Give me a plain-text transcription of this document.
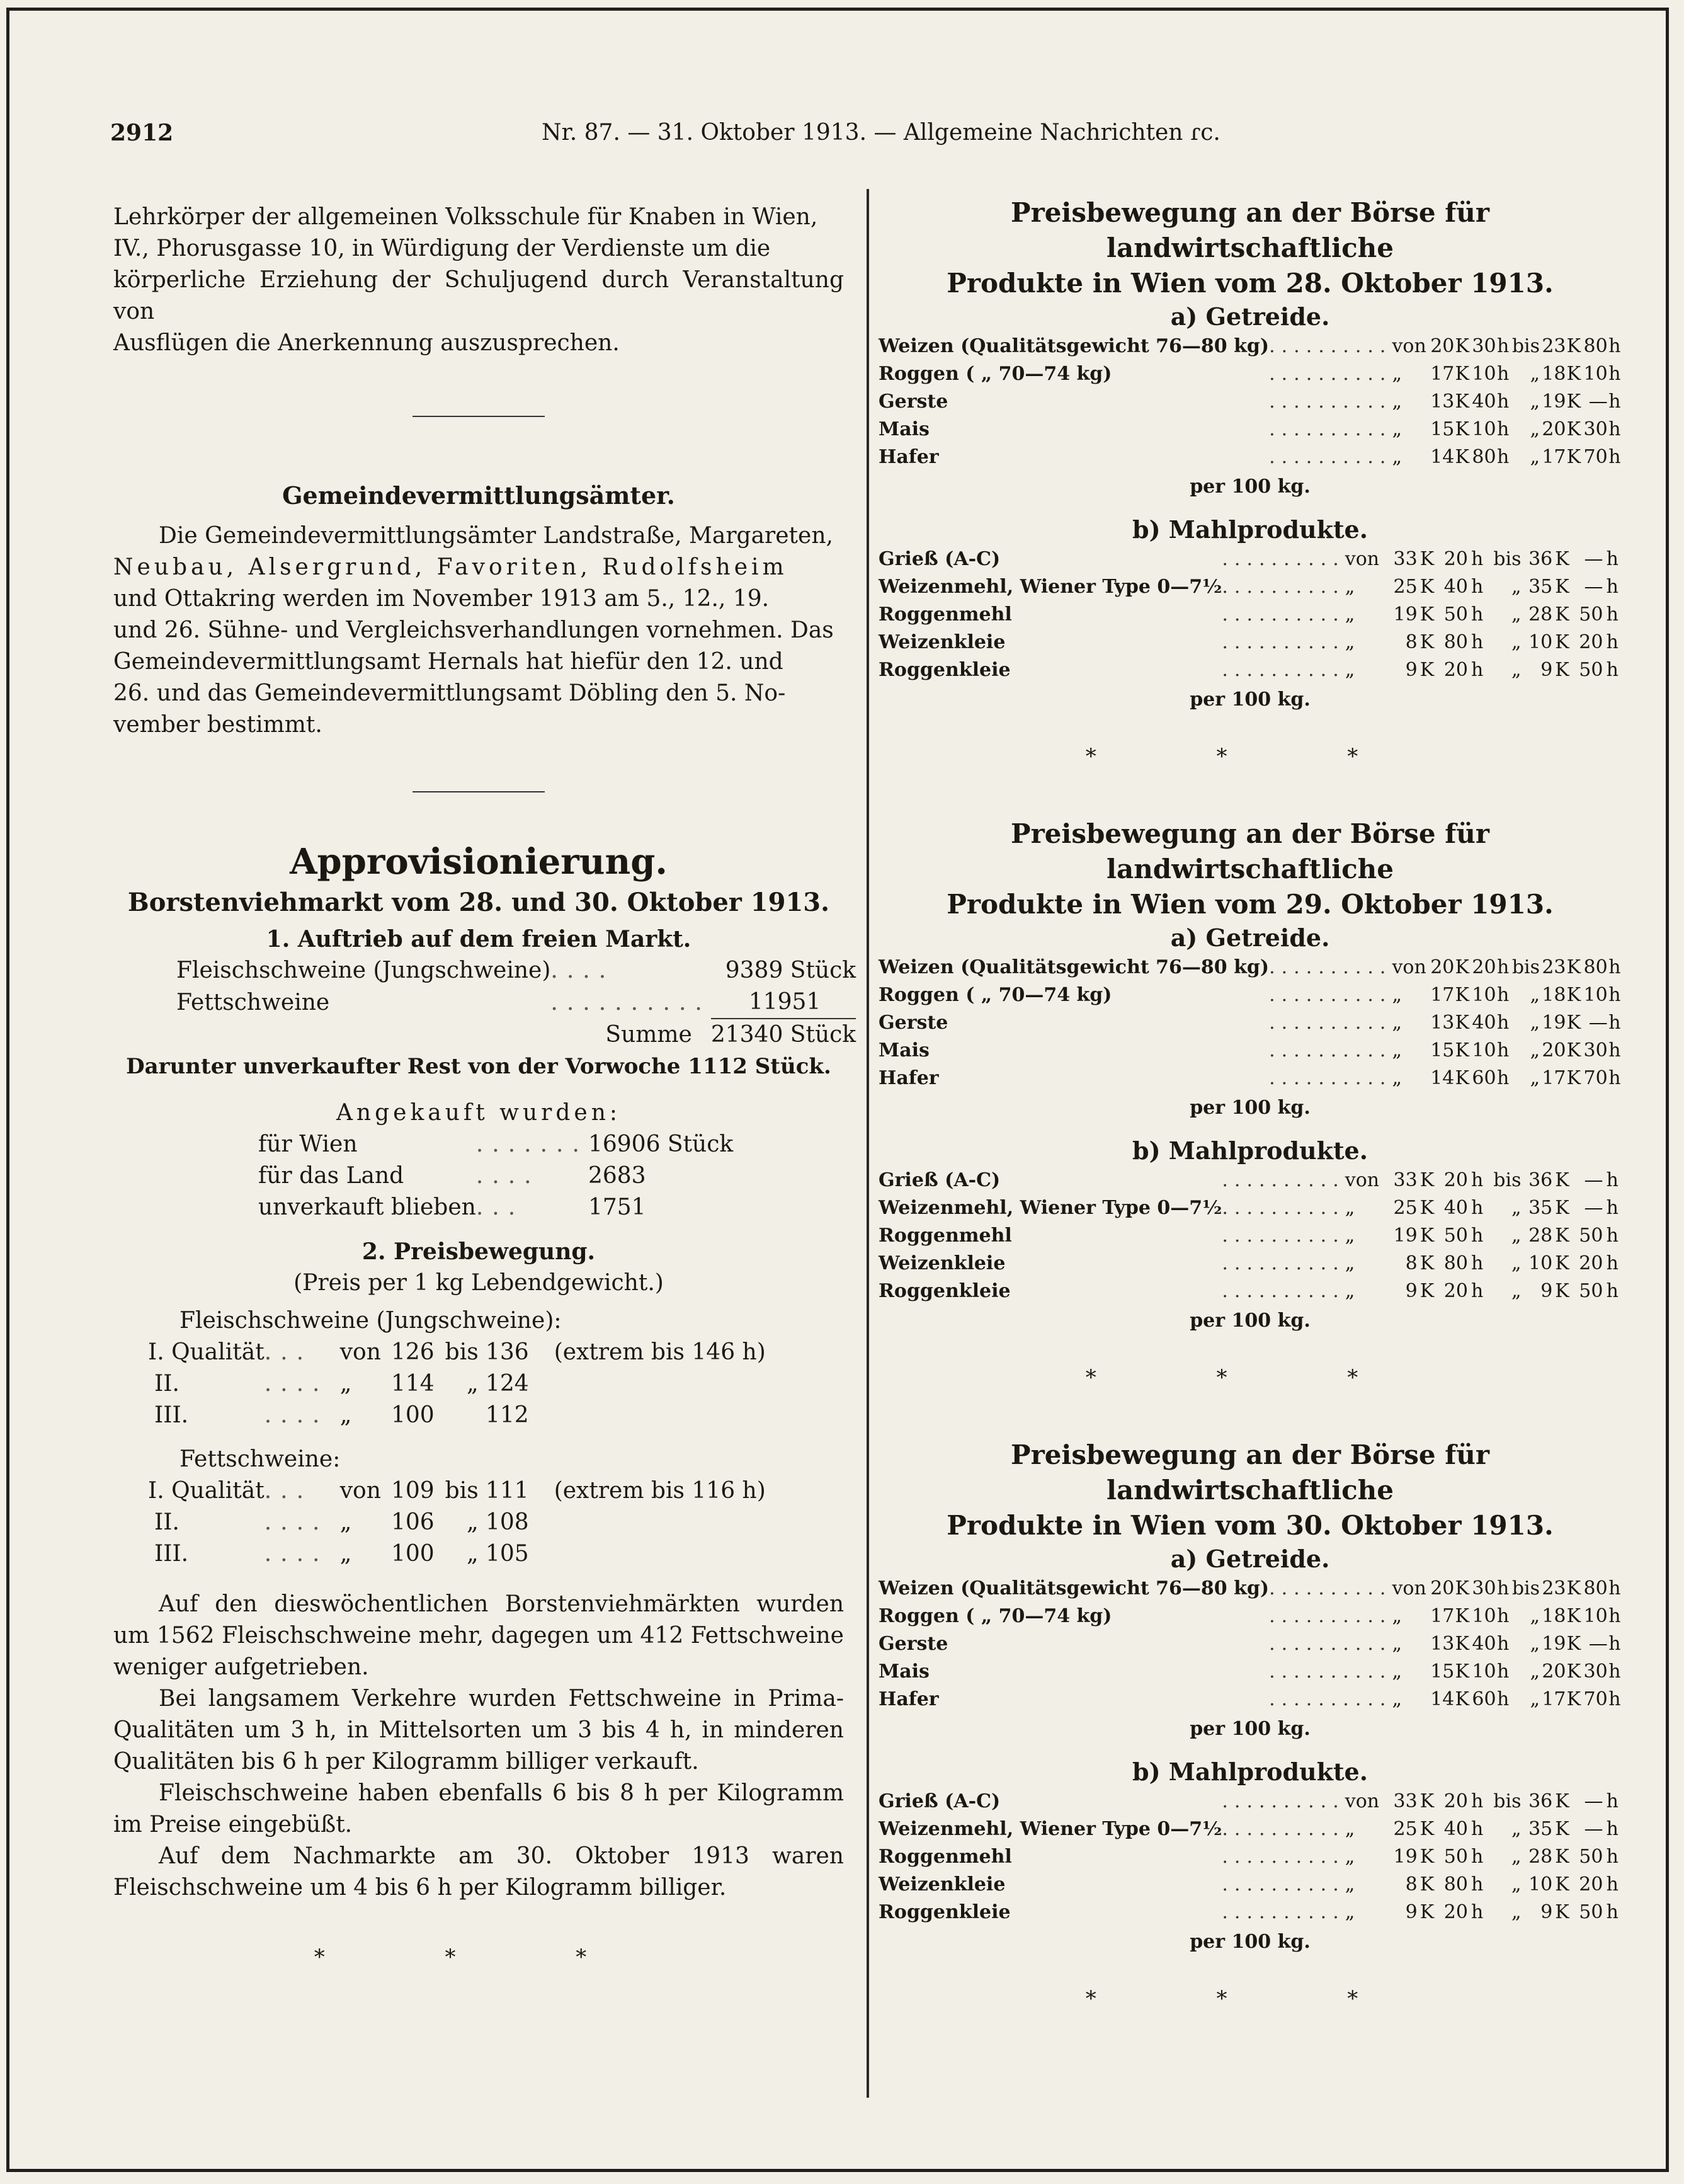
2912	Nr. 87. — 31. Oktober 1913. — Allgemeine Nachrichten ɾc.

Lehrkörper der allgemeinen Volksschule für Knaben in Wien,

IV., Phorusgasse 10, in Würdigung der Verdienste um die

körperliche Erziehung der Schuljugend durch Veranstaltung von

Ausflügen die Anerkennung auszusprechen.

Gemeindevermittlungsämter.

Die Gemeindevermittlungsämter Landstraße, Margareten,

Neubau, Alsergrund, Favoriten, Rudolfsheim

und Ottakring werden im November 1913 am 5., 12., 19.

und 26. Sühne- und Vergleichsverhandlungen vornehmen. Das

Gemeindevermittlungsamt Hernals hat hiefür den 12. und

26. und das Gemeindevermittlungsamt Döbling den 5. No-

vember bestimmt.

Approvisionierung.
Borstenviehmarkt vom 28. und 30. Oktober 1913.
1. Auftrieb auf dem freien Markt.
Fleischschweine (Jungschweine)	....	9389 Stück
Fettschweine	..........	11951
	Summe	21340 Stück
Darunter unverkaufter Rest von der Vorwoche 1112 Stück.
Angekauft wurden:
für Wien	.......	16906 Stück
für das Land	....	2683
unverkauft blieben	...	1751
2. Preisbewegung.
(Preis per 1 kg Lebendgewicht.)
Fleischschweine (Jungschweine):
I. Qualität	...	von	126	bis	136	(extrem bis 146 h)
II.	....	„	114	„	124	
III.	....	„	100		112	
Fettschweine:
I. Qualität	...	von	109	bis	111	(extrem bis 116 h)
II.	....	„	106	„	108	
III.	....	„	100	„	105	

Auf den dieswöchentlichen Borstenviehmärkten wurden um 1562 Fleischschweine mehr, dagegen um 412 Fettschweine weniger aufgetrieben.

Bei langsamem Verkehre wurden Fettschweine in Prima-Qualitäten um 3 h, in Mittelsorten um 3 bis 4 h, in minderen Qualitäten bis 6 h per Kilogramm billiger verkauft.

Fleischschweine haben ebenfalls 6 bis 8 h per Kilogramm im Preise eingebüßt.

Auf dem Nachmarkte am 30. Oktober 1913 waren Fleischschweine um 4 bis 6 h per Kilogramm billiger.

* * *
Preisbewegung an der Börse für landwirtschaftliche
Produkte in Wien vom 28. Oktober 1913.
a) Getreide.
Weizen (Qualitätsgewicht 76—80 kg)	..........	von	20	K	30	h	bis	23	K	80	h
Roggen ( „ 70—74 kg)	..........	„	17	K	10	h	„	18	K	10	h
Gerste	..........	„	13	K	40	h	„	19	K	—	h
Mais	..........	„	15	K	10	h	„	20	K	30	h
Hafer	..........	„	14	K	80	h	„	17	K	70	h
per 100 kg.
b) Mahlprodukte.
Grieß (A-C)	..........	von	33	K	20	h	bis	36	K	—	h
Weizenmehl, Wiener Type 0—7½	..........	„	25	K	40	h	„	35	K	—	h
Roggenmehl	..........	„	19	K	50	h	„	28	K	50	h
Weizenkleie	..........	„	8	K	80	h	„	10	K	20	h
Roggenkleie	..........	„	9	K	20	h	„	9	K	50	h
per 100 kg.
* * *
Preisbewegung an der Börse für landwirtschaftliche
Produkte in Wien vom 29. Oktober 1913.
a) Getreide.
Weizen (Qualitätsgewicht 76—80 kg)	..........	von	20	K	20	h	bis	23	K	80	h
Roggen ( „ 70—74 kg)	..........	„	17	K	10	h	„	18	K	10	h
Gerste	..........	„	13	K	40	h	„	19	K	—	h
Mais	..........	„	15	K	10	h	„	20	K	30	h
Hafer	..........	„	14	K	60	h	„	17	K	70	h
per 100 kg.
b) Mahlprodukte.
Grieß (A-C)	..........	von	33	K	20	h	bis	36	K	—	h
Weizenmehl, Wiener Type 0—7½	..........	„	25	K	40	h	„	35	K	—	h
Roggenmehl	..........	„	19	K	50	h	„	28	K	50	h
Weizenkleie	..........	„	8	K	80	h	„	10	K	20	h
Roggenkleie	..........	„	9	K	20	h	„	9	K	50	h
per 100 kg.
* * *
Preisbewegung an der Börse für landwirtschaftliche
Produkte in Wien vom 30. Oktober 1913.
a) Getreide.
Weizen (Qualitätsgewicht 76—80 kg)	..........	von	20	K	30	h	bis	23	K	80	h
Roggen ( „ 70—74 kg)	..........	„	17	K	10	h	„	18	K	10	h
Gerste	..........	„	13	K	40	h	„	19	K	—	h
Mais	..........	„	15	K	10	h	„	20	K	30	h
Hafer	..........	„	14	K	60	h	„	17	K	70	h
per 100 kg.
b) Mahlprodukte.
Grieß (A-C)	..........	von	33	K	20	h	bis	36	K	—	h
Weizenmehl, Wiener Type 0—7½	..........	„	25	K	40	h	„	35	K	—	h
Roggenmehl	..........	„	19	K	50	h	„	28	K	50	h
Weizenkleie	..........	„	8	K	80	h	„	10	K	20	h
Roggenkleie	..........	„	9	K	20	h	„	9	K	50	h
per 100 kg.
* * *
